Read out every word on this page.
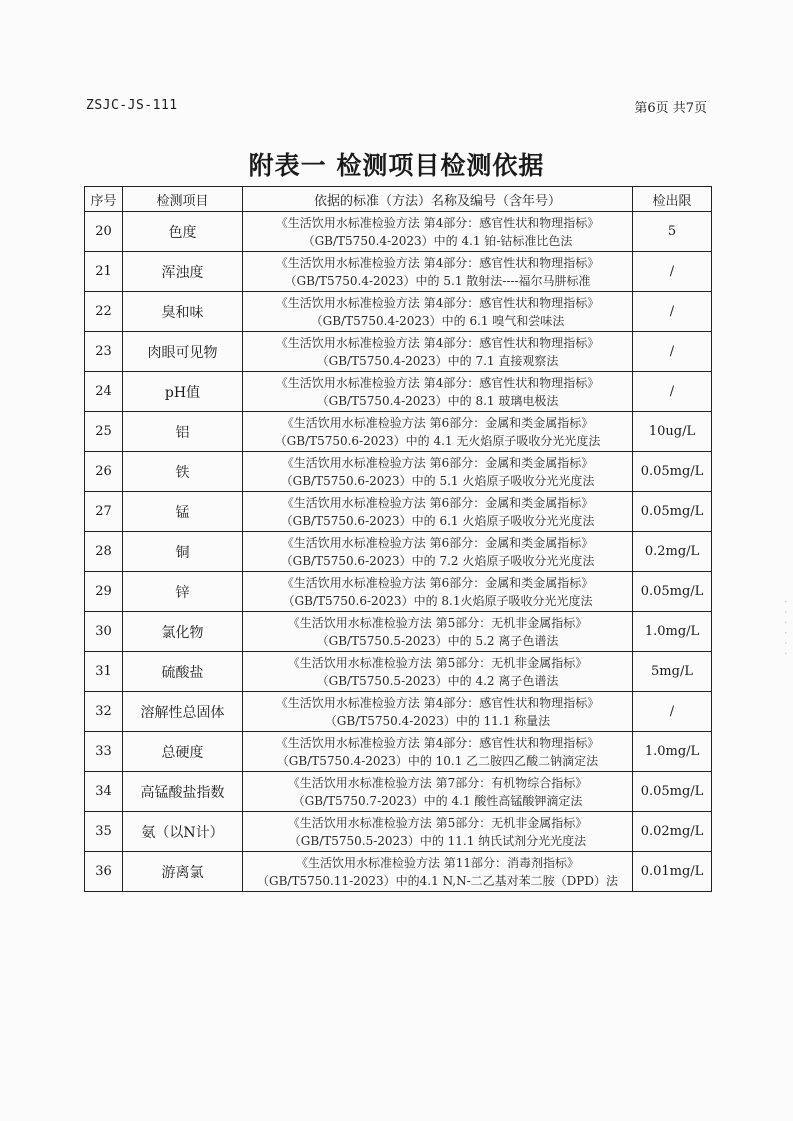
ZSJC-JS-111	第6页 共7页
附表一 检测项目检测依据
序号	检测项目	依据的标准（方法）名称及编号（含年号）	检出限
20	色度	《生活饮用水标准检验方法 第4部分：感官性状和物理指标》
（GB/T5750.4-2023）中的 4.1 铂-钴标准比色法	5
21	浑浊度	《生活饮用水标准检验方法 第4部分：感官性状和物理指标》
（GB/T5750.4-2023）中的 5.1 散射法----福尔马肼标准	/
22	臭和味	《生活饮用水标准检验方法 第4部分：感官性状和物理指标》
（GB/T5750.4-2023）中的 6.1 嗅气和尝味法	/
23	肉眼可见物	《生活饮用水标准检验方法 第4部分：感官性状和物理指标》
（GB/T5750.4-2023）中的 7.1 直接观察法	/
24	pH值	《生活饮用水标准检验方法 第4部分：感官性状和物理指标》
（GB/T5750.4-2023）中的 8.1 玻璃电极法	/
25	铝	《生活饮用水标准检验方法 第6部分：金属和类金属指标》
（GB/T5750.6-2023）中的 4.1 无火焰原子吸收分光光度法	10ug/L
26	铁	《生活饮用水标准检验方法 第6部分：金属和类金属指标》
（GB/T5750.6-2023）中的 5.1 火焰原子吸收分光光度法	0.05mg/L
27	锰	《生活饮用水标准检验方法 第6部分：金属和类金属指标》
（GB/T5750.6-2023）中的 6.1 火焰原子吸收分光光度法	0.05mg/L
28	铜	《生活饮用水标准检验方法 第6部分：金属和类金属指标》
（GB/T5750.6-2023）中的 7.2 火焰原子吸收分光光度法	0.2mg/L
29	锌	《生活饮用水标准检验方法 第6部分：金属和类金属指标》
（GB/T5750.6-2023）中的 8.1火焰原子吸收分光光度法	0.05mg/L
30	氯化物	《生活饮用水标准检验方法 第5部分：无机非金属指标》
（GB/T5750.5-2023）中的 5.2 离子色谱法	1.0mg/L
31	硫酸盐	《生活饮用水标准检验方法 第5部分：无机非金属指标》
（GB/T5750.5-2023）中的 4.2 离子色谱法	5mg/L
32	溶解性总固体	《生活饮用水标准检验方法 第4部分：感官性状和物理指标》
（GB/T5750.4-2023）中的 11.1 称量法	/
33	总硬度	《生活饮用水标准检验方法 第4部分：感官性状和物理指标》
（GB/T5750.4-2023）中的 10.1 乙二胺四乙酸二钠滴定法	1.0mg/L
34	高锰酸盐指数	《生活饮用水标准检验方法 第7部分：有机物综合指标》
（GB/T5750.7-2023）中的 4.1 酸性高锰酸钾滴定法	0.05mg/L
35	氨（以N计）	《生活饮用水标准检验方法 第5部分：无机非金属指标》
（GB/T5750.5-2023）中的 11.1 纳氏试剂分光光度法	0.02mg/L
36	游离氯	《生活饮用水标准检验方法 第11部分：消毒剂指标》
（GB/T5750.11-2023）中的4.1 N,N-二乙基对苯二胺（DPD）法	0.01mg/L
· · · · · ·
